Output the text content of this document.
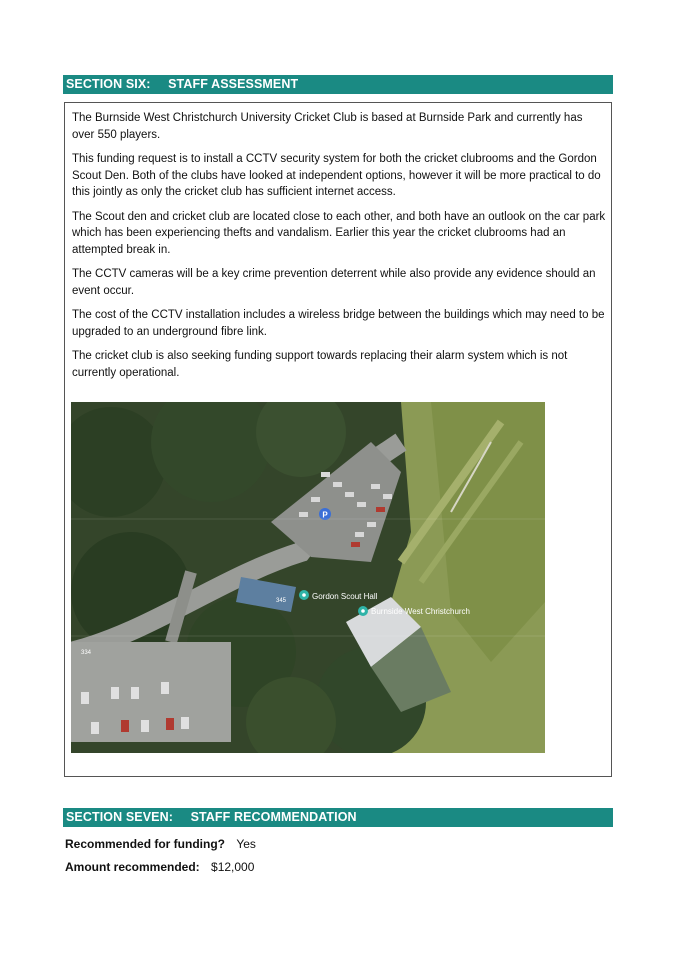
SECTION SIX: STAFF ASSESSMENT

The Burnside West Christchurch University Cricket Club is based at Burnside Park and currently has over 550 players.

This funding request is to install a CCTV security system for both the cricket clubrooms and the Gordon Scout Den. Both of the clubs have looked at independent options, however it will be more practical to do this jointly as only the cricket club has sufficient internet access.

The Scout den and cricket club are located close to each other, and both have an outlook on the car park which has been experiencing thefts and vandalism. Earlier this year the cricket clubrooms had an attempted break in.

The CCTV cameras will be a key crime prevention deterrent while also provide any evidence should an event occur.

The cost of the CCTV installation includes a wireless bridge between the buildings which may need to be upgraded to an underground fibre link.

The cricket club is also seeking funding support towards replacing their alarm system which is not currently operational.

P
Gordon Scout Hall
Burnside West Christchurch
345
334
SECTION SEVEN: STAFF RECOMMENDATION
Recommended for funding? Yes
Amount recommended: $12,000
